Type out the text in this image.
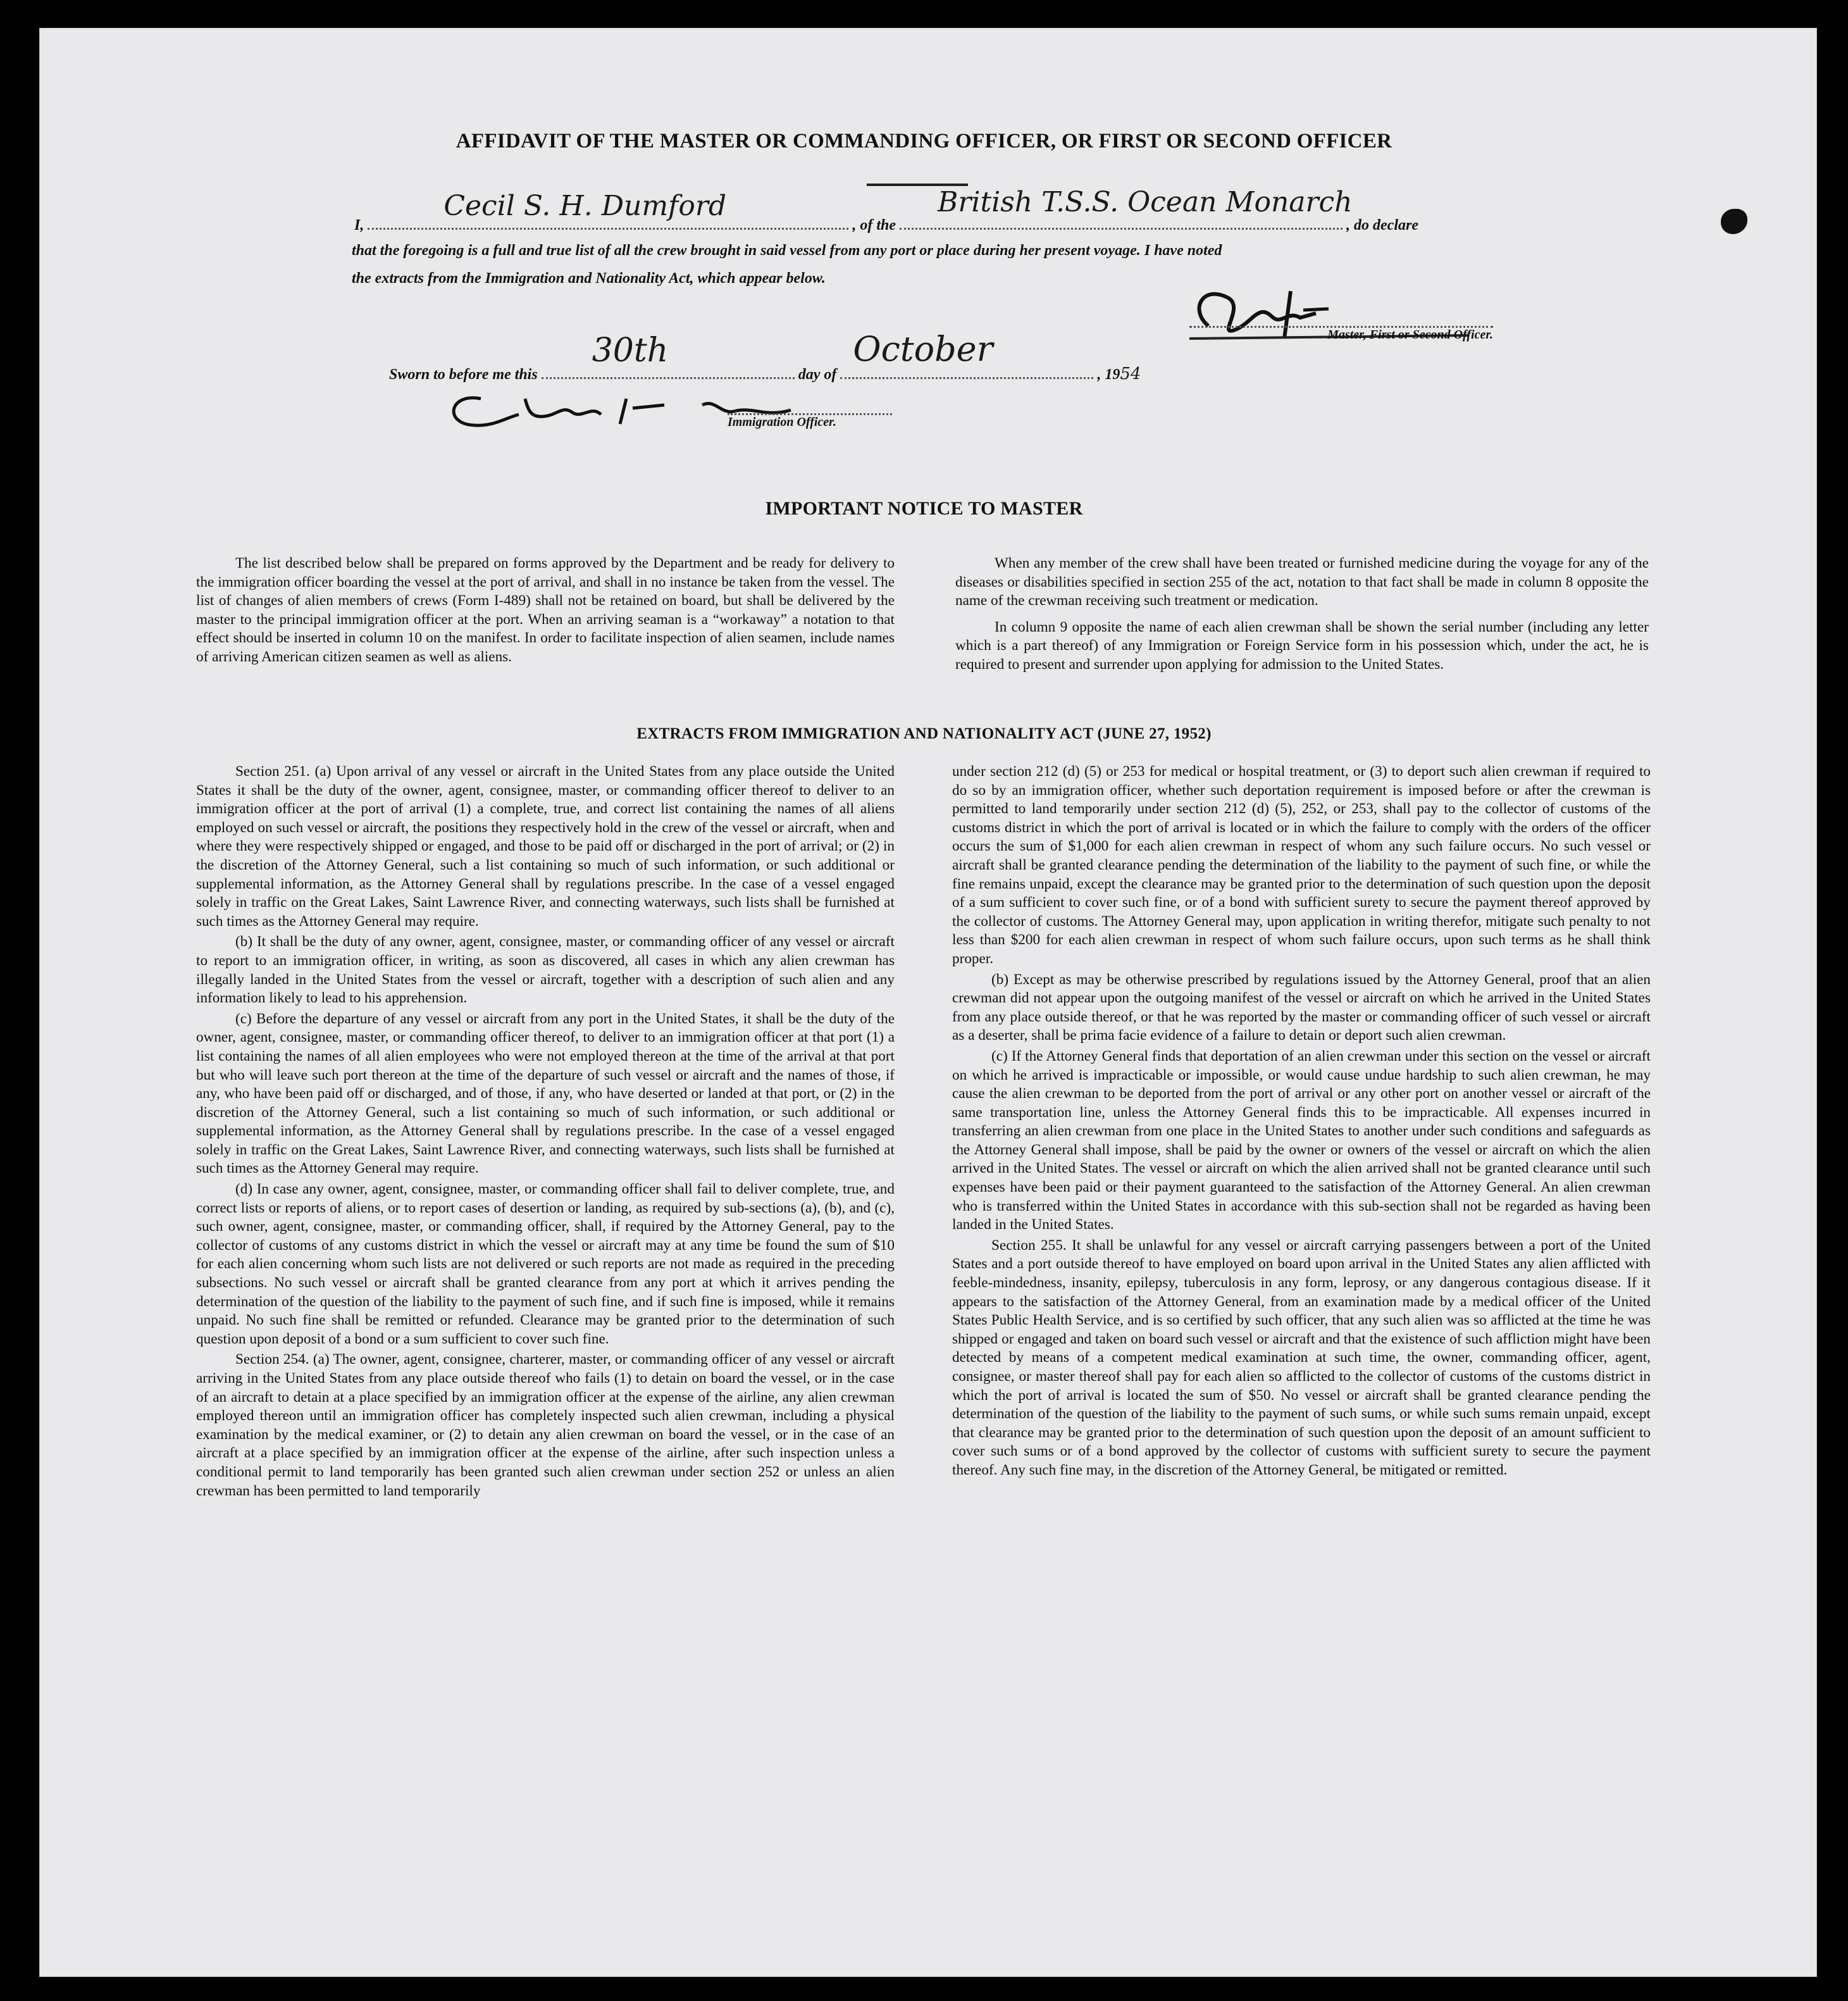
AFFIDAVIT OF THE MASTER OR COMMANDING OFFICER, OR FIRST OR SECOND OFFICER
I,
Cecil S. H. Dumford
, of the
British T.S.S. Ocean Monarch
, do declare
that the foregoing is a full and true list of all the crew brought in said vessel from any port or place during her present voyage. I have noted
the extracts from the Immigration and Nationality Act, which appear below.
Master, First or Second Officer.
Sworn to before me this
30th
day of
October
, 1954
Immigration Officer.
IMPORTANT NOTICE TO MASTER

The list described below shall be prepared on forms approved by the Department and be ready for delivery to the immigration officer boarding the vessel at the port of arrival, and shall in no instance be taken from the vessel. The list of changes of alien members of crews (Form I-489) shall not be retained on board, but shall be delivered by the master to the principal immigration officer at the port. When an arriving seaman is a “workaway” a notation to that effect should be inserted in column 10 on the manifest. In order to facilitate inspection of alien seamen, include names of arriving American citizen seamen as well as aliens.

When any member of the crew shall have been treated or furnished medicine during the voyage for any of the diseases or disabilities specified in section 255 of the act, notation to that fact shall be made in column 8 opposite the name of the crewman receiving such treatment or medication.

In column 9 opposite the name of each alien crewman shall be shown the serial number (including any letter which is a part thereof) of any Immigration or Foreign Service form in his possession which, under the act, he is required to present and surrender upon applying for admission to the United States.

EXTRACTS FROM IMMIGRATION AND NATIONALITY ACT (JUNE 27, 1952)

Section 251. (a) Upon arrival of any vessel or aircraft in the United States from any place outside the United States it shall be the duty of the owner, agent, consignee, master, or commanding officer thereof to deliver to an immigration officer at the port of arrival (1) a complete, true, and correct list containing the names of all aliens employed on such vessel or aircraft, the positions they respectively hold in the crew of the vessel or aircraft, when and where they were respectively shipped or engaged, and those to be paid off or discharged in the port of arrival; or (2) in the discretion of the Attorney General, such a list containing so much of such information, or such additional or supplemental information, as the Attorney General shall by regulations prescribe. In the case of a vessel engaged solely in traffic on the Great Lakes, Saint Lawrence River, and connecting waterways, such lists shall be furnished at such times as the Attorney General may require.

(b) It shall be the duty of any owner, agent, consignee, master, or commanding officer of any vessel or aircraft to report to an immigration officer, in writing, as soon as discovered, all cases in which any alien crewman has illegally landed in the United States from the vessel or aircraft, together with a description of such alien and any information likely to lead to his apprehension.

(c) Before the departure of any vessel or aircraft from any port in the United States, it shall be the duty of the owner, agent, consignee, master, or commanding officer thereof, to deliver to an immigration officer at that port (1) a list containing the names of all alien employees who were not employed thereon at the time of the arrival at that port but who will leave such port thereon at the time of the departure of such vessel or aircraft and the names of those, if any, who have been paid off or discharged, and of those, if any, who have deserted or landed at that port, or (2) in the discretion of the Attorney General, such a list containing so much of such information, or such additional or supplemental information, as the Attorney General shall by regulations prescribe. In the case of a vessel engaged solely in traffic on the Great Lakes, Saint Lawrence River, and connecting waterways, such lists shall be furnished at such times as the Attorney General may require.

(d) In case any owner, agent, consignee, master, or commanding officer shall fail to deliver complete, true, and correct lists or reports of aliens, or to report cases of desertion or landing, as required by sub-sections (a), (b), and (c), such owner, agent, consignee, master, or commanding officer, shall, if required by the Attorney General, pay to the collector of customs of any customs district in which the vessel or aircraft may at any time be found the sum of $10 for each alien concerning whom such lists are not delivered or such reports are not made as required in the preceding subsections. No such vessel or aircraft shall be granted clearance from any port at which it arrives pending the determination of the question of the liability to the payment of such fine, and if such fine is imposed, while it remains unpaid. No such fine shall be remitted or refunded. Clearance may be granted prior to the determination of such question upon deposit of a bond or a sum sufficient to cover such fine.

Section 254. (a) The owner, agent, consignee, charterer, master, or commanding officer of any vessel or aircraft arriving in the United States from any place outside thereof who fails (1) to detain on board the vessel, or in the case of an aircraft to detain at a place specified by an immigration officer at the expense of the airline, any alien crewman employed thereon until an immigration officer has completely inspected such alien crewman, including a physical examination by the medical examiner, or (2) to detain any alien crewman on board the vessel, or in the case of an aircraft at a place specified by an immigration officer at the expense of the airline, after such inspection unless a conditional permit to land temporarily has been granted such alien crewman under section 252 or unless an alien crewman has been permitted to land temporarily

under section 212 (d) (5) or 253 for medical or hospital treatment, or (3) to deport such alien crewman if required to do so by an immigration officer, whether such deportation requirement is imposed before or after the crewman is permitted to land temporarily under section 212 (d) (5), 252, or 253, shall pay to the collector of customs of the customs district in which the port of arrival is located or in which the failure to comply with the orders of the officer occurs the sum of $1,000 for each alien crewman in respect of whom any such failure occurs. No such vessel or aircraft shall be granted clearance pending the determination of the liability to the payment of such fine, or while the fine remains unpaid, except the clearance may be granted prior to the determination of such question upon the deposit of a sum sufficient to cover such fine, or of a bond with sufficient surety to secure the payment thereof approved by the collector of customs. The Attorney General may, upon application in writing therefor, mitigate such penalty to not less than $200 for each alien crewman in respect of whom such failure occurs, upon such terms as he shall think proper.

(b) Except as may be otherwise prescribed by regulations issued by the Attorney General, proof that an alien crewman did not appear upon the outgoing manifest of the vessel or aircraft on which he arrived in the United States from any place outside thereof, or that he was reported by the master or commanding officer of such vessel or aircraft as a deserter, shall be prima facie evidence of a failure to detain or deport such alien crewman.

(c) If the Attorney General finds that deportation of an alien crewman under this section on the vessel or aircraft on which he arrived is impracticable or impossible, or would cause undue hardship to such alien crewman, he may cause the alien crewman to be deported from the port of arrival or any other port on another vessel or aircraft of the same transportation line, unless the Attorney General finds this to be impracticable. All expenses incurred in transferring an alien crewman from one place in the United States to another under such conditions and safeguards as the Attorney General shall impose, shall be paid by the owner or owners of the vessel or aircraft on which the alien arrived in the United States. The vessel or aircraft on which the alien arrived shall not be granted clearance until such expenses have been paid or their payment guaranteed to the satisfaction of the Attorney General. An alien crewman who is transferred within the United States in accordance with this sub-section shall not be regarded as having been landed in the United States.

Section 255. It shall be unlawful for any vessel or aircraft carrying passengers between a port of the United States and a port outside thereof to have employed on board upon arrival in the United States any alien afflicted with feeble-mindedness, insanity, epilepsy, tuberculosis in any form, leprosy, or any dangerous contagious disease. If it appears to the satisfaction of the Attorney General, from an examination made by a medical officer of the United States Public Health Service, and is so certified by such officer, that any such alien was so afflicted at the time he was shipped or engaged and taken on board such vessel or aircraft and that the existence of such affliction might have been detected by means of a competent medical examination at such time, the owner, commanding officer, agent, consignee, or master thereof shall pay for each alien so afflicted to the collector of customs of the customs district in which the port of arrival is located the sum of $50. No vessel or aircraft shall be granted clearance pending the determination of the question of the liability to the payment of such sums, or while such sums remain unpaid, except that clearance may be granted prior to the determination of such question upon the deposit of an amount sufficient to cover such sums or of a bond approved by the collector of customs with sufficient surety to secure the payment thereof. Any such fine may, in the discretion of the Attorney General, be mitigated or remitted.
